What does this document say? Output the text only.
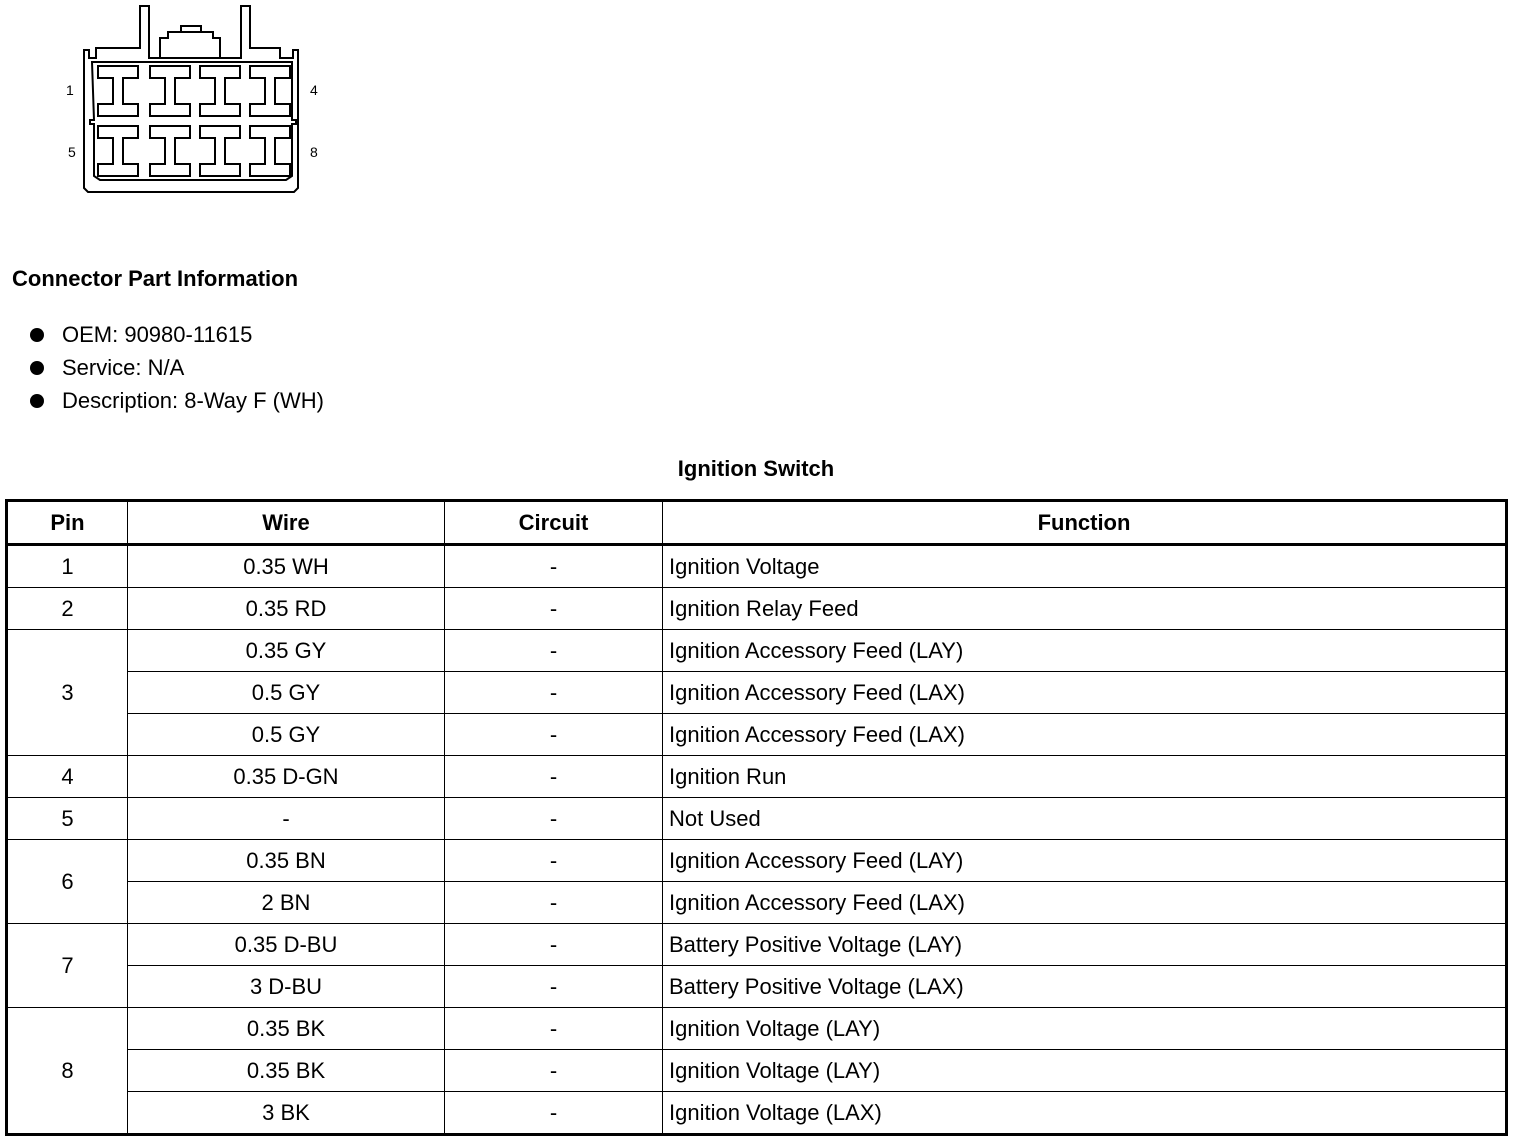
1	4
5	8
Connector Part Information
OEM: 90980-11615
Service: N/A
Description: 8-Way F (WH)
Ignition Switch
Pin	Wire	Circuit	Function
1	0.35 WH	-	Ignition Voltage
2	0.35 RD	-	Ignition Relay Feed
3	0.35 GY	-	Ignition Accessory Feed (LAY)
	0.5 GY	-	Ignition Accessory Feed (LAX)
	0.5 GY	-	Ignition Accessory Feed (LAX)
4	0.35 D-GN	-	Ignition Run
5	-	-	Not Used
6	0.35 BN	-	Ignition Accessory Feed (LAY)
	2 BN	-	Ignition Accessory Feed (LAX)
7	0.35 D-BU	-	Battery Positive Voltage (LAY)
	3 D-BU	-	Battery Positive Voltage (LAX)
8	0.35 BK	-	Ignition Voltage (LAY)
	0.35 BK	-	Ignition Voltage (LAY)
	3 BK	-	Ignition Voltage (LAX)
